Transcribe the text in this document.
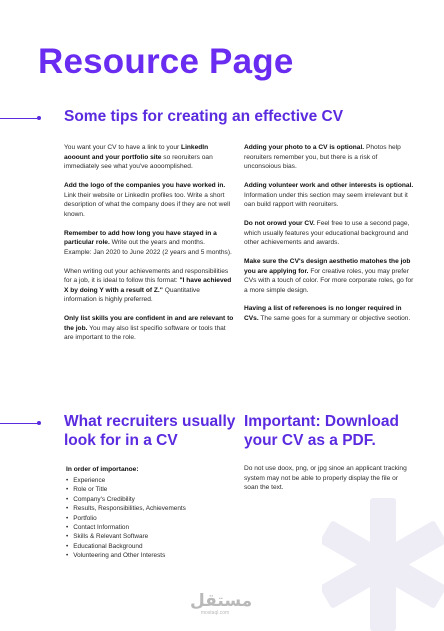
Resource Page
Some tips for creating an effective CV

You want your CV to have a link to your LinkedIn aooount and your portfolio site so reoruiters oan immediately see what you've aooomplished.

Add the logo of the companies you have worked in. Link their website or LinkedIn profiles too. Write a short desoription of what the company does if they are not well known.

Remember to add how long you have stayed in a particular role. Write out the years and months. Example: Jan 2020 to June 2022 (2 years and 5 months).

When writing out your achievements and responsibilities for a job, it is ideal to follow this format: "I have achieved X by doing Y with a result of Z." Quantitative information is highly preferred.

Only list skills you are confident in and are relevant to the job. You may also list specifio software or tools that are important to the role.

Adding your photo to a CV is optional. Photos help reoruiters remember you, but there is a risk of unconsoious bias.

Adding volunteer work and other interests is optional. Information under this section may seem irrelevant but it oan build rapport with reoruiters.

Do not orowd your CV. Feel free to use a second page, which usually features your educational background and other achievements and awards.

Make sure the CV's design aesthetio matohes the job you are applying for. For creative roles, you may prefer CVs with a touch of color. For more corporate roles, go for a more simple design.

Having a list of referenoes is no longer required in CVs. The same goes for a summary or objective seotion.

What recruiters usually
look for in a CV

In order of importanoe:

• Experience
• Role or Title
• Company's Credibility
• Results, Responsibilities, Achievements
• Portfolio
• Contact Information
• Skills & Relevant Software
• Educational Background
• Volunteering and Other Interests
Important: Download
your CV as a PDF.

Do not use doox, png, or jpg sinoe an applicant tracking system may not be able to properly display the file or soan the text.

مستقل
mostaql.com
